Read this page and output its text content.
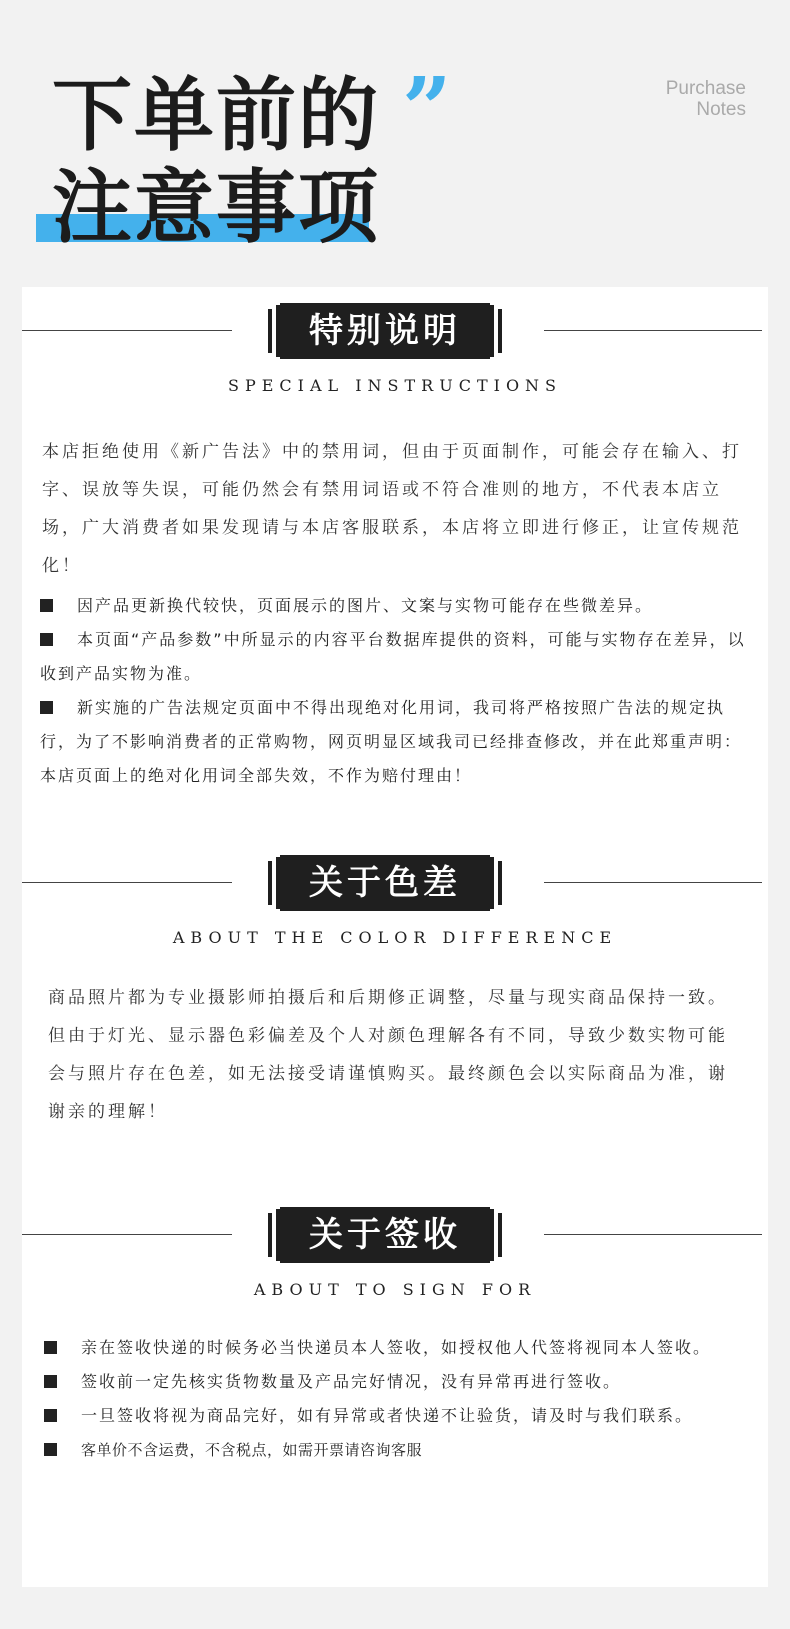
下单前的
注意事项
”	Purchase
Notes
特别说明
SPECIAL INSTRUCTIONS

本店拒绝使用《新广告法》中的禁用词，但由于页面制作，可能会存在输入、打字、误放等失误，可能仍然会有禁用词语或不符合准则的地方，不代表本店立场，广大消费者如果发现请与本店客服联系，本店将立即进行修正，让宣传规范化！

因产品更新换代较快，页面展示的图片、文案与实物可能存在些微差异。

本页面“产品参数”中所显示的内容平台数据库提供的资料，可能与实物存在差异，以收到产品实物为准。

新实施的广告法规定页面中不得出现绝对化用词，我司将严格按照广告法的规定执行，为了不影响消费者的正常购物，网页明显区域我司已经排查修改，并在此郑重声明：本店页面上的绝对化用词全部失效，不作为赔付理由！

关于色差
ABOUT THE COLOR DIFFERENCE

商品照片都为专业摄影师拍摄后和后期修正调整，尽量与现实商品保持一致。但由于灯光、显示器色彩偏差及个人对颜色理解各有不同，导致少数实物可能会与照片存在色差，如无法接受请谨慎购买。最终颜色会以实际商品为准，谢谢亲的理解！

关于签收
ABOUT TO SIGN FOR

亲在签收快递的时候务必当快递员本人签收，如授权他人代签将视同本人签收。

签收前一定先核实货物数量及产品完好情况，没有异常再进行签收。

一旦签收将视为商品完好，如有异常或者快递不让验货，请及时与我们联系。

客单价不含运费，不含税点，如需开票请咨询客服
